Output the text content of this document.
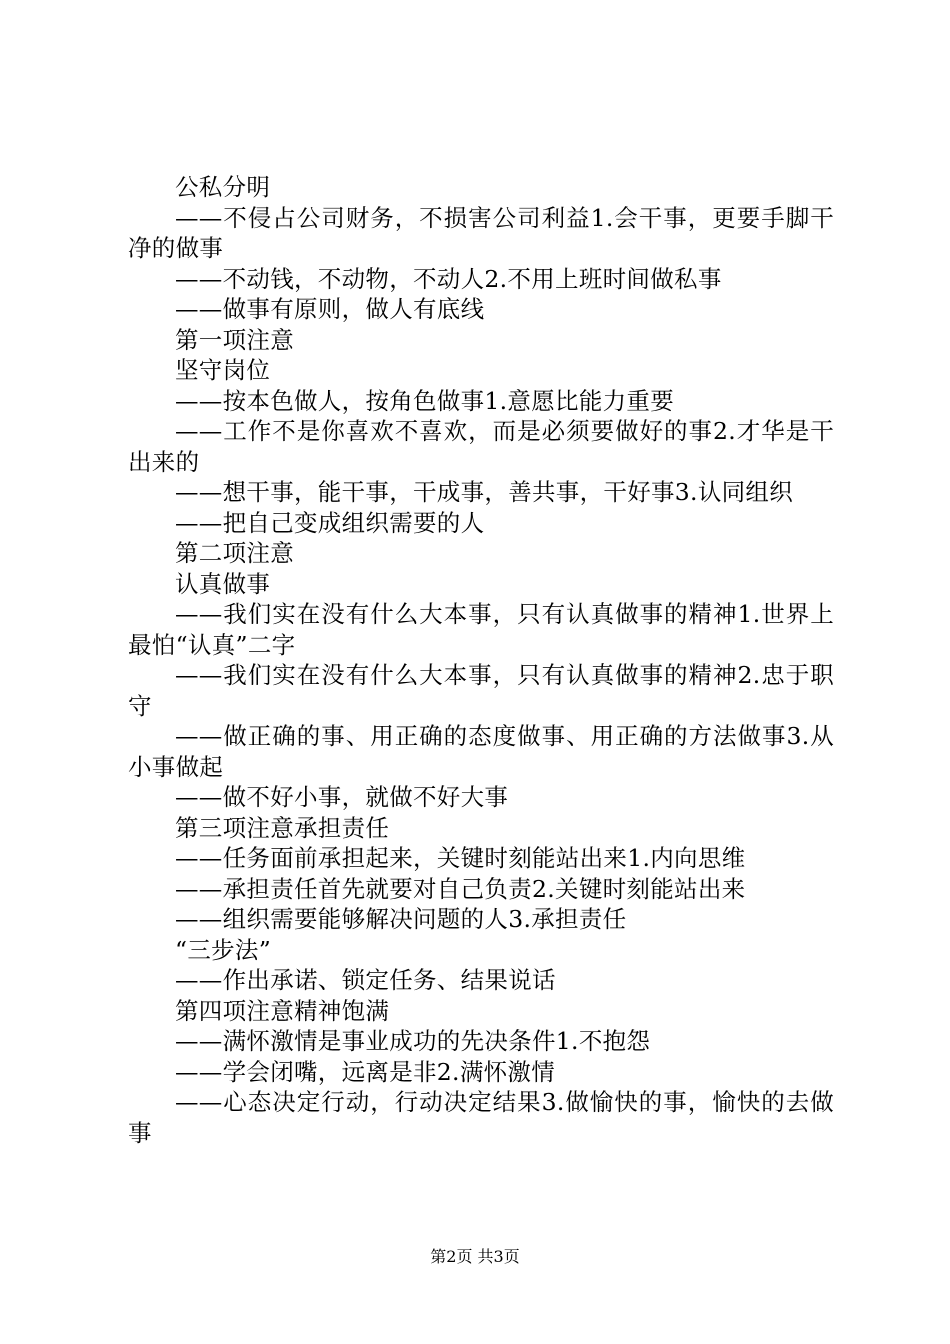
公私分明

——不侵占公司财务，不损害公司利益1.会干事，更要手脚干净的做事

——不动钱，不动物，不动人2.不用上班时间做私事

——做事有原则，做人有底线

第一项注意

坚守岗位

——按本色做人，按角色做事1.意愿比能力重要

——工作不是你喜欢不喜欢，而是必须要做好的事2.才华是干出来的

——想干事，能干事，干成事，善共事，干好事3.认同组织

——把自己变成组织需要的人

第二项注意

认真做事

——我们实在没有什么大本事，只有认真做事的精神1.世界上最怕“认真”二字

——我们实在没有什么大本事，只有认真做事的精神2.忠于职守

——做正确的事、用正确的态度做事、用正确的方法做事3.从小事做起

——做不好小事，就做不好大事

第三项注意承担责任

——任务面前承担起来，关键时刻能站出来1.内向思维

——承担责任首先就要对自己负责2.关键时刻能站出来

——组织需要能够解决问题的人3.承担责任

“三步法”

——作出承诺、锁定任务、结果说话

第四项注意精神饱满

——满怀激情是事业成功的先决条件1.不抱怨

——学会闭嘴，远离是非2.满怀激情

——心态决定行动，行动决定结果3.做愉快的事，愉快的去做事

第2页 共3页
